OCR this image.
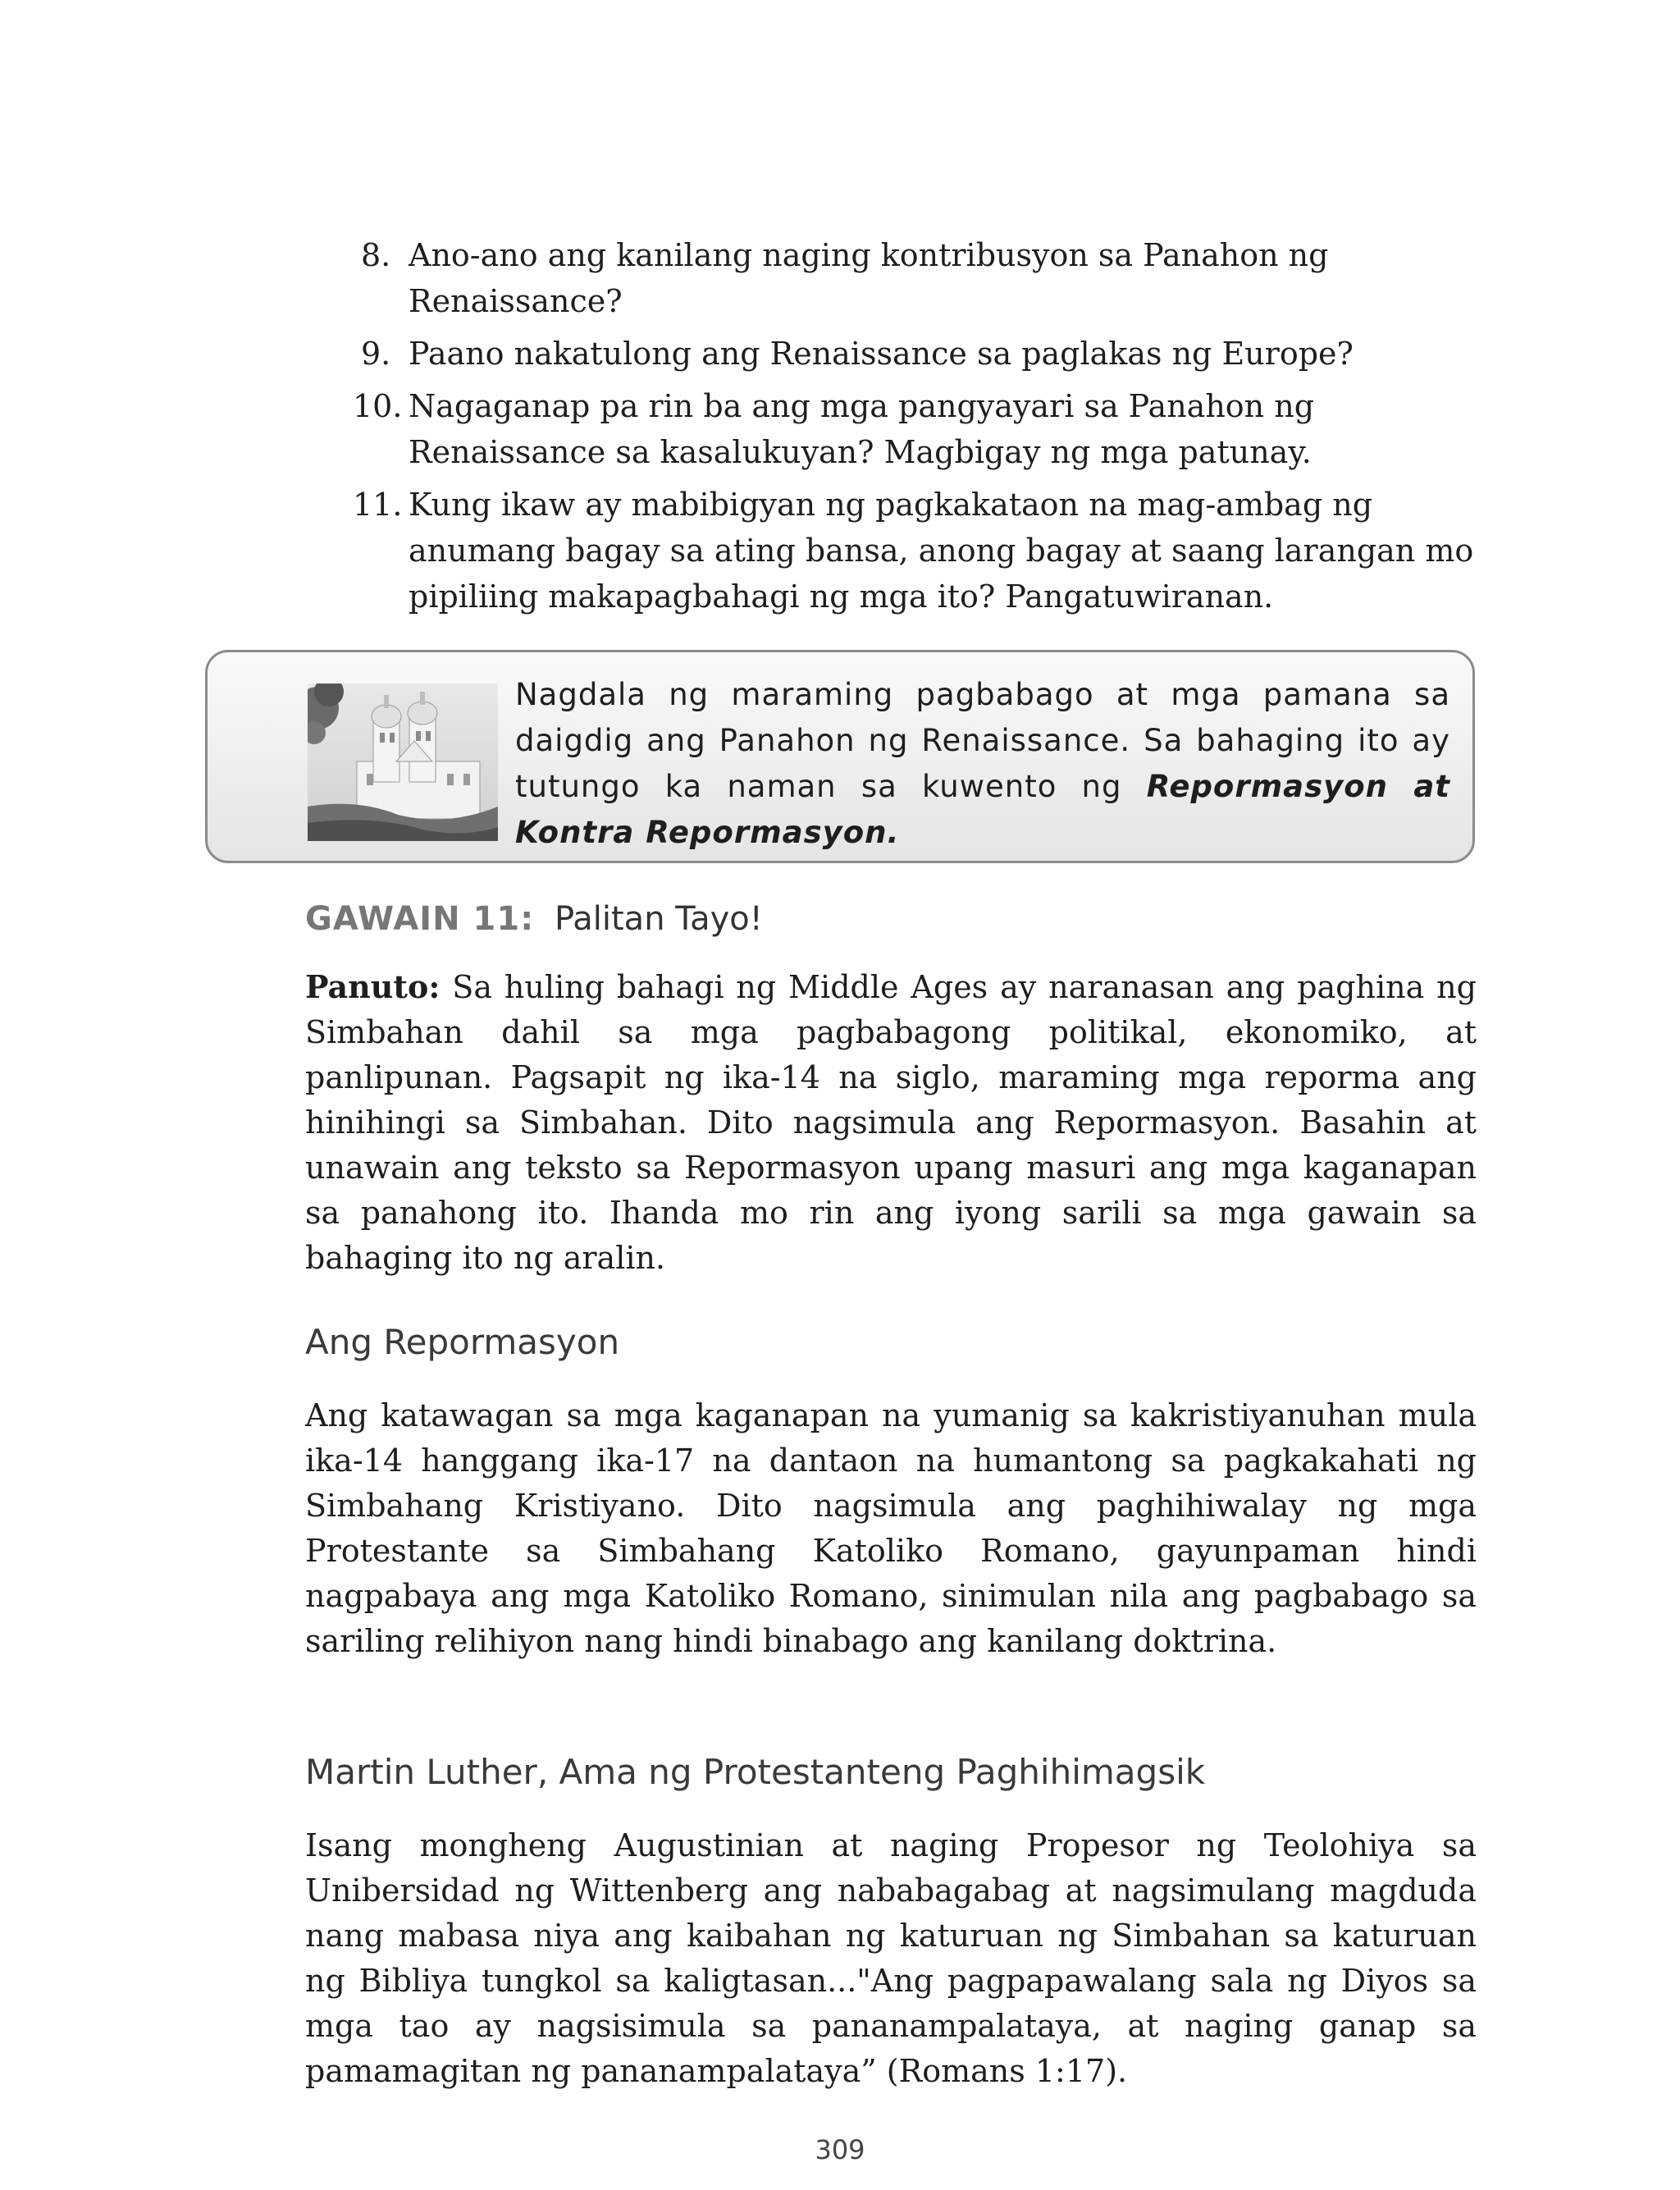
8. Ano-ano ang kanilang naging kontribusyon sa Panahon ng Renaissance?
9. Paano nakatulong ang Renaissance sa paglakas ng Europe?
10. Nagaganap pa rin ba ang mga pangyayari sa Panahon ng Renaissance sa kasalukuyan? Magbigay ng mga patunay.
11. Kung ikaw ay mabibigyan ng pagkakataon na mag-ambag ng anumang bagay sa ating bansa, anong bagay at saang larangan mo pipiliing makapagbahagi ng mga ito? Pangatuwiranan.
Nagdala ng maraming pagbabago at mga pamana sa daigdig ang Panahon ng Renaissance. Sa bahaging ito ay tutungo ka naman sa kuwento ng Repormasyon at Kontra Repormasyon.
GAWAIN 11: Palitan Tayo!

Panuto: Sa huling bahagi ng Middle Ages ay naranasan ang paghina ng Simbahan dahil sa mga pagbabagong politikal, ekonomiko, at panlipunan. Pagsapit ng ika-14 na siglo, maraming mga reporma ang hinihingi sa Simbahan. Dito nagsimula ang Repormasyon. Basahin at unawain ang teksto sa Repormasyon upang masuri ang mga kaganapan sa panahong ito. Ihanda mo rin ang iyong sarili sa mga gawain sa bahaging ito ng aralin.

Ang Repormasyon

Ang katawagan sa mga kaganapan na yumanig sa kakristiyanuhan mula ika-14 hanggang ika-17 na dantaon na humantong sa pagkakahati ng Simbahang Kristiyano. Dito nagsimula ang paghihiwalay ng mga Protestante sa Simbahang Katoliko Romano, gayunpaman hindi nagpabaya ang mga Katoliko Romano, sinimulan nila ang pagbabago sa sariling relihiyon nang hindi binabago ang kanilang doktrina.

Martin Luther, Ama ng Protestanteng Paghihimagsik

Isang mongheng Augustinian at naging Propesor ng Teolohiya sa Unibersidad ng Wittenberg ang nababagabag at nagsimulang magduda nang mabasa niya ang kaibahan ng katuruan ng Simbahan sa katuruan ng Bibliya tungkol sa kaligtasan..."Ang pagpapawalang sala ng Diyos sa mga tao ay nagsisimula sa pananampalataya, at naging ganap sa pamamagitan ng pananampalataya” (Romans 1:17).

309
